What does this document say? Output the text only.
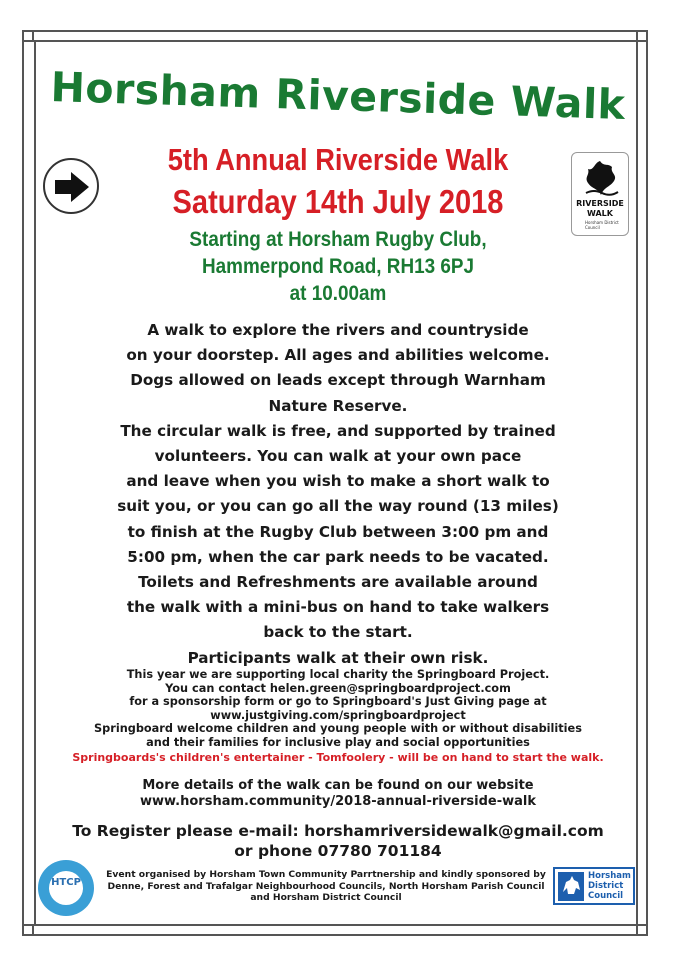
Horsham Riverside Walk
RIVERSIDE
WALK
Horsham District Council
5th Annual Riverside Walk
Saturday 14th July 2018
Starting at Horsham Rugby Club,
Hammerpond Road, RH13 6PJ
at 10.00am
A walk to explore the rivers and countryside
on your doorstep. All ages and abilities welcome.
Dogs allowed on leads except through Warnham
Nature Reserve.
The circular walk is free, and supported by trained
volunteers. You can walk at your own pace
and leave when you wish to make a short walk to
suit you, or you can go all the way round (13 miles)
to finish at the Rugby Club between 3:00 pm and
5:00 pm, when the car park needs to be vacated.
Toilets and Refreshments are available around
the walk with a mini-bus on hand to take walkers
back to the start.
Participants walk at their own risk.
This year we are supporting local charity the Springboard Project.
You can contact helen.green@springboardproject.com
for a sponsorship form or go to Springboard's Just Giving page at
www.justgiving.com/springboardproject
Springboard welcome children and young people with or without disabilities
and their families for inclusive play and social opportunities
Springboards's children's entertainer - Tomfoolery - will be on hand to start the walk.
More details of the walk can be found on our website
www.horsham.community/2018-annual-riverside-walk
To Register please e-mail: horshamriversidewalk@gmail.com
or phone 07780 701184
HTCP
Event organised by Horsham Town Community Parrtnership and kindly sponsored by
Denne, Forest and Trafalgar Neighbourhood Councils, North Horsham Parish Council
and Horsham District Council
Horsham
District
Council
